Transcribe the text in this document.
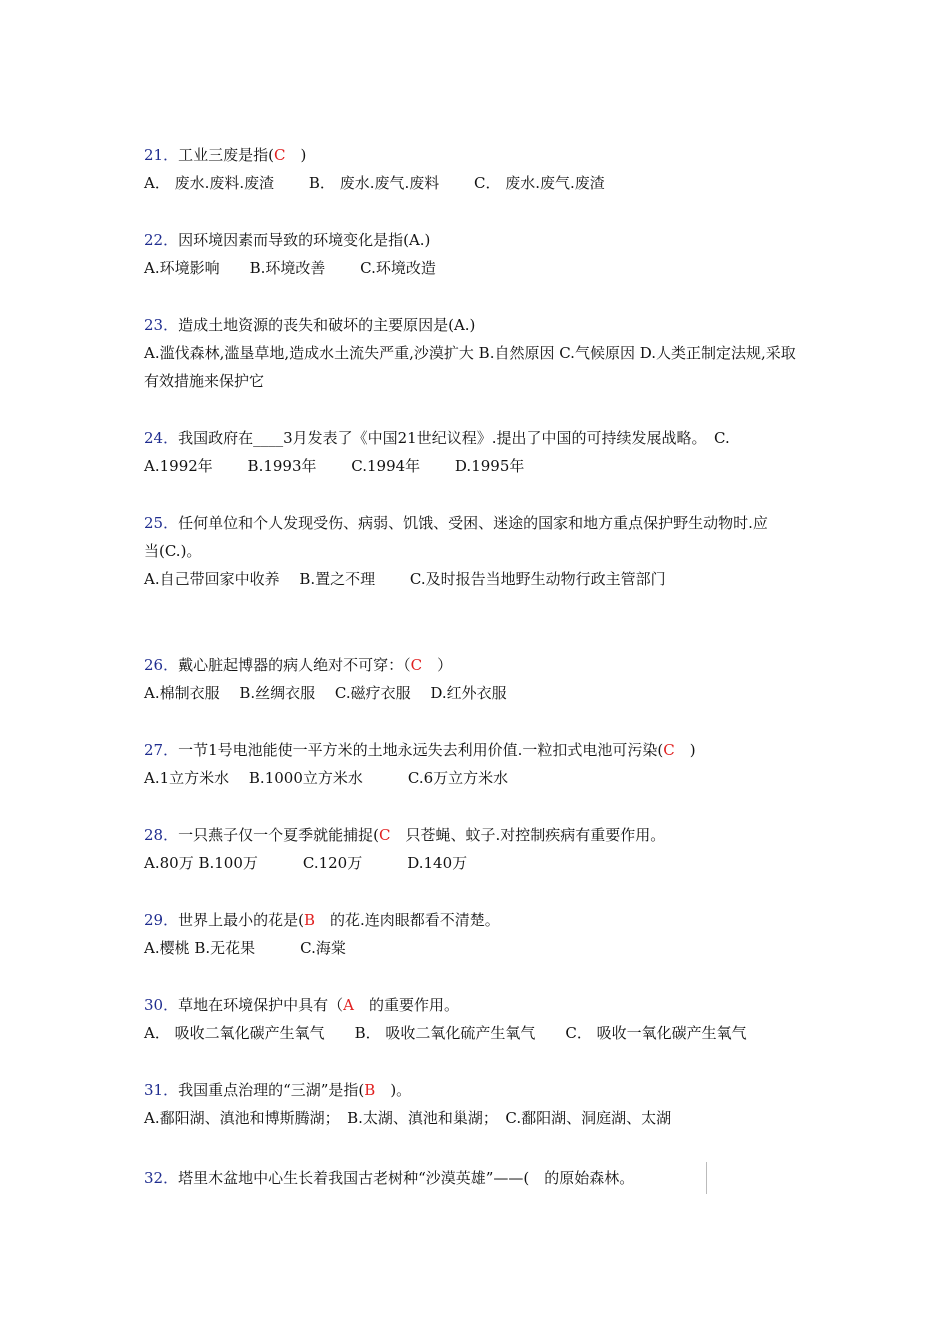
21．工业三废是指(C　)
A． 废水.废料.废渣　　 B． 废水.废气.废料　　 C． 废水.废气.废渣
22．因环境因素而导致的环境变化是指(A.)
A.环境影响　　B.环境改善　　 C.环境改造
23．造成土地资源的丧失和破坏的主要原因是(A.)
A.滥伐森林,滥垦草地,造成水土流失严重,沙漠扩大 B.自然原因 C.气候原因 D.人类正制定法规,采取有效措施来保护它
24．我国政府在____3月发表了《中国21世纪议程》.提出了中国的可持续发展战略。　C.
A.1992年　　 B.1993年　　 C.1994年　　 D.1995年
25．任何单位和个人发现受伤、病弱、饥饿、受困、迷途的国家和地方重点保护野生动物时.应
当(C.)。
A.自己带回家中收养　 B.置之不理　　 C.及时报告当地野生动物行政主管部门
26．戴心脏起博器的病人绝对不可穿：（C　）
A.棉制衣服　 B.丝绸衣服　 C.磁疗衣服　 D.红外衣服
27．一节1号电池能使一平方米的土地永远失去利用价值.一粒扣式电池可污染(C　)
A.1立方米水　 B.1000立方米水　　　C.6万立方米水
28．一只燕子仅一个夏季就能捕捉(C　只苍蝇、蚊子.对控制疾病有重要作用。
A.80万 B.100万　　　C.120万　　　D.140万
29．世界上最小的花是(B　的花.连肉眼都看不清楚。
A.樱桃 B.无花果　　　C.海棠
30．草地在环境保护中具有（A　的重要作用。
A． 吸收二氧化碳产生氧气　　B． 吸收二氧化硫产生氧气　　C． 吸收一氧化碳产生氧气
31．我国重点治理的“三湖”是指(B　)。
A.鄱阳湖、滇池和博斯腾湖；　B.太湖、滇池和巢湖；　C.鄱阳湖、洞庭湖、太湖
32．塔里木盆地中心生长着我国古老树种“沙漠英雄”——(　的原始森林。
